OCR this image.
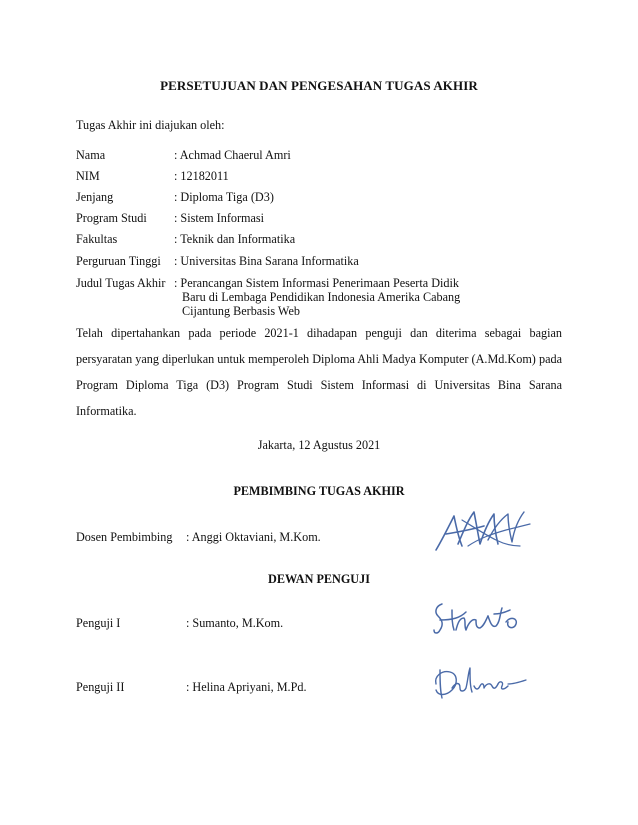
PERSETUJUAN DAN PENGESAHAN TUGAS AKHIR
Tugas Akhir ini diajukan oleh:
Nama	: Achmad Chaerul Amri
NIM	: 12182011
Jenjang	: Diploma Tiga (D3)
Program Studi : Sistem Informasi
Fakultas	: Teknik dan Informatika
Perguruan Tinggi : Universitas Bina Sarana Informatika
Judul Tugas Akhir : Perancangan Sistem Informasi Penerimaan Peserta Didik
Baru di Lembaga Pendidikan Indonesia Amerika Cabang
Cijantung Berbasis Web
Telah dipertahankan pada periode 2021-1 dihadapan penguji dan diterima sebagai bagian persyaratan yang diperlukan untuk memperoleh Diploma Ahli Madya Komputer (A.Md.Kom) pada Program Diploma Tiga (D3) Program Studi Sistem Informasi di Universitas Bina Sarana Informatika.
Jakarta, 12 Agustus 2021
PEMBIMBING TUGAS AKHIR
Dosen Pembimbing : Anggi Oktaviani, M.Kom.
DEWAN PENGUJI
Penguji I	: Sumanto, M.Kom.
Penguji II	: Helina Apriyani, M.Pd.
